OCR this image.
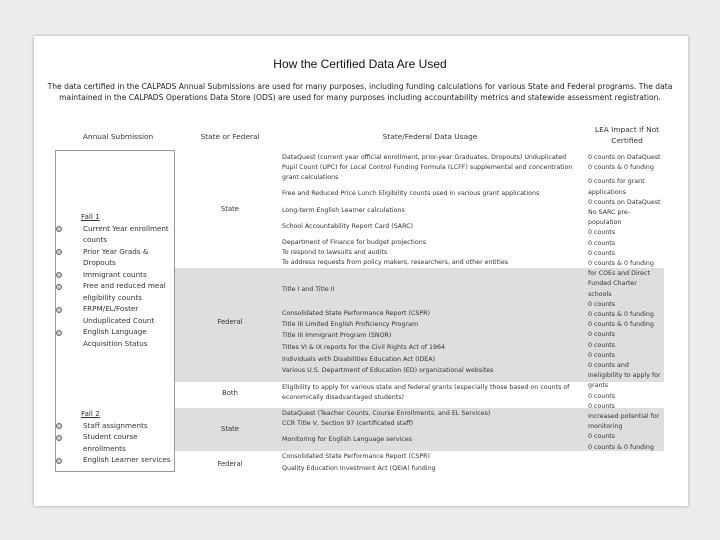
How the Certified Data Are Used
The data certified in the CALPADS Annual Submissions are used for many purposes, including funding calculations for various State and Federal programs. The data maintained in the CALPADS Operations Data Store (ODS) are used for many purposes including accountability metrics and statewide assessment registration.
Annual Submission	State or Federal	State/Federal Data Usage
LEA Impact if Not Certified
Fall 1
Current Year enrollment counts
Prior Year Grads & Dropouts
Immigrant counts
Free and reduced meal eligibility counts
FRPM/EL/Foster Unduplicated Count
English Language Acquisition Status
Fall 2
Staff assignments
Student course enrollments
English Learner services
State
Federal
Both
State
Federal
DataQuest (current year official enrollment, prior-year Graduates, Dropouts) Unduplicated Pupil Count (UPC) for Local Control Funding Formula (LCFF) supplemental and concentration grant calculations
Free and Reduced Price Lunch Eligibility counts used in various grant applications
Long-term English Learner calculations
School Accountability Report Card (SARC)
Department of Finance for budget projections
To respond to lawsuits and audits
To address requests from policy makers, researchers, and other entities
Title I and Title II
Consolidated State Performance Report (CSPR)
Title III Limited English Proficiency Program
Title III Immigrant Program (SNOR)
Titles VI & IX reports for the Civil Rights Act of 1964
Individuals with Disabilities Education Act (IDEA)
Various U.S. Department of Education (ED) organizational websites
Eligibility to apply for various state and federal grants (especially those based on counts of economically disadvantaged students)
DataQuest (Teacher Counts, Course Enrollments, and EL Services)
CCR Title V, Section 97 (certificated staff)
Monitoring for English Language services
Consolidated State Performance Report (CSPR)
Quality Education Investment Act (QEIA) funding
0 counts on DataQuest
0 counts & 0 funding
0 counts for grant
applications
0 counts on DataQuest
No SARC pre-
population
0 counts
0 counts
0 counts
0 counts & 0 funding
for COEs and Direct
Funded Charter
schools
0 counts
0 counts & 0 funding
0 counts & 0 funding
0 counts
0 counts
0 counts
0 counts and
ineligibility to apply for
grants
0 counts
0 counts
Increased potential for
monitoring
0 counts
0 counts & 0 funding
